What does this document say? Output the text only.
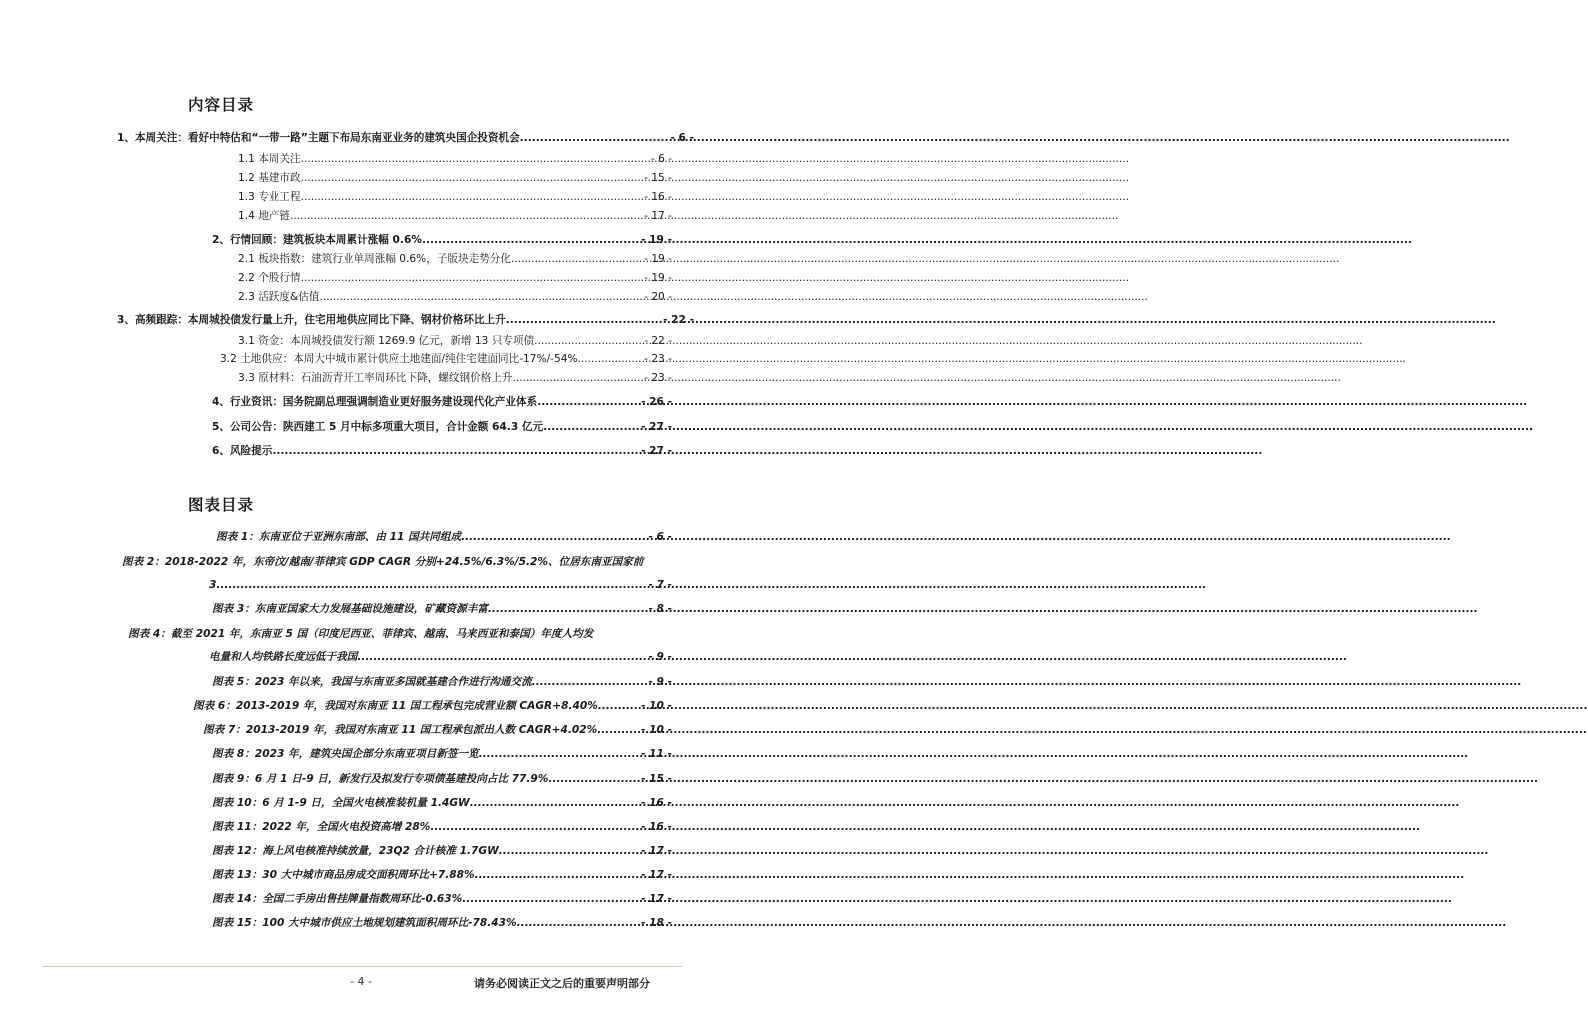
内容目录
1、本周关注：看好中特估和“一带一路”主题下布局东南亚业务的建筑央国企投资机会 .....	- 6 -
1.1 本周关注 .....	- 6 -
1.2 基建市政 .....	- 15 -
1.3 专业工程 .....	- 16 -
1.4 地产链 .....	- 17 -
2、行情回顾：建筑板块本周累计涨幅 0.6% .....	- 19 -
2.1 板块指数：建筑行业单周涨幅 0.6%，子版块走势分化 .....	- 19 -
2.2 个股行情 .....	- 19 -
2.3 活跃度&估值 .....	- 20 -
3、高频跟踪：本周城投债发行量上升，住宅用地供应同比下降、钢材价格环比上升 .....	- 22 -
3.1 资金：本周城投债发行额 1269.9 亿元，新增 13 只专项债 .....	- 22 -
3.2 土地供应：本周大中城市累计供应土地建面/纯住宅建面同比-17%/-54% .....	- 23 -
3.3 原材料：石油沥青开工率周环比下降，螺纹钢价格上升 .....	- 23 -
4、行业资讯：国务院副总理强调制造业更好服务建设现代化产业体系 .....	- 26 -
5、公司公告：陕西建工 5 月中标多项重大项目，合计金额 64.3 亿元 .....	- 27 -
6、风险提示 .....	- 27 -
图表目录
图表 1：东南亚位于亚洲东南部、由 11 国共同组成 .....	- 6 -
图表 2：2018-2022 年，东帝汶/越南/菲律宾 GDP CAGR 分别+24.5%/6.3%/5.2%、位居东南亚国家前
3 .....	- 7 -
图表 3：东南亚国家大力发展基础设施建设，矿藏资源丰富 .....	- 8 -
图表 4：截至 2021 年，东南亚 5 国（印度尼西亚、菲律宾、越南、马来西亚和泰国）年度人均发
电量和人均铁路长度远低于我国 .....	- 9 -
图表 5：2023 年以来，我国与东南亚多国就基建合作进行沟通交流 .....	- 9 -
图表 6：2013-2019 年，我国对东南亚 11 国工程承包完成营业额 CAGR+8.40% .....	- 10 -
图表 7：2013-2019 年，我国对东南亚 11 国工程承包派出人数 CAGR+4.02% .....	- 10 -
图表 8：2023 年，建筑央国企部分东南亚项目新签一览 .....	- 11 -
图表 9：6 月 1 日-9 日，新发行及拟发行专项债基建投向占比 77.9% .....	- 15 -
图表 10：6 月 1-9 日，全国火电核准装机量 1.4GW .....	- 16 -
图表 11：2022 年，全国火电投资高增 28% .....	- 16 -
图表 12：海上风电核准持续放量，23Q2 合计核准 1.7GW .....	- 17 -
图表 13：30 大中城市商品房成交面积周环比+7.88% .....	- 17 -
图表 14：全国二手房出售挂牌量指数周环比-0.63% .....	- 17 -
图表 15：100 大中城市供应土地规划建筑面积周环比-78.43% .....	- 18 -
- 4 -	请务必阅读正文之后的重要声明部分
